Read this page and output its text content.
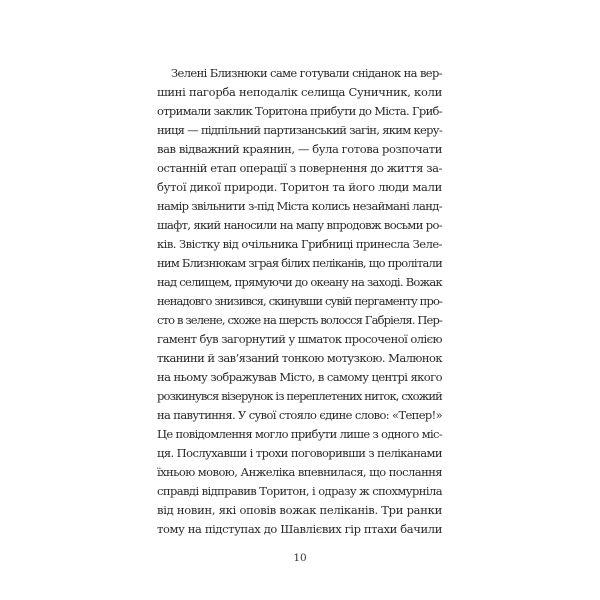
Зелені Близнюки саме готували сніданок на вер-
шині пагорба неподалік селища Суничник, коли
отримали заклик Торитона прибути до Міста. Гриб-
ниця — підпільний партизанський загін, яким керу-
вав відважний краянин, — була готова розпочати
останній етап операції з повернення до життя за-
бутої дикої природи. Торитон та його люди мали
намір звільнити з-під Міста колись незаймані ланд-
шафт, який наносили на мапу впродовж восьми ро-
ків. Звістку від очільника Грибниці принесла Зеле-
ним Близнюкам зграя білих пеліканів, що пролітали
над селищем, прямуючи до океану на заході. Вожак
ненадовго знизився, скинувши сувій пергаменту про-
сто в зелене, схоже на шерсть волосся Габріеля. Пер-
гамент був загорнутий у шматок просоченої олією
тканини й зав’язаний тонкою мотузкою. Малюнок
на ньому зображував Місто, в самому центрі якого
розкинувся візерунок із переплетених ниток, схожий
на павутиння. У сувої стояло єдине слово: «Тепер!»
Це повідомлення могло прибути лише з одного міс-
ця. Послухавши і трохи поговоривши з пеліканами
їхньою мовою, Анжеліка впевнилася, що послання
справді відправив Торитон, і одразу ж спохмурніла
від новин, які оповів вожак пеліканів. Три ранки
тому на підступах до Шавлієвих гір птахи бачили
10
